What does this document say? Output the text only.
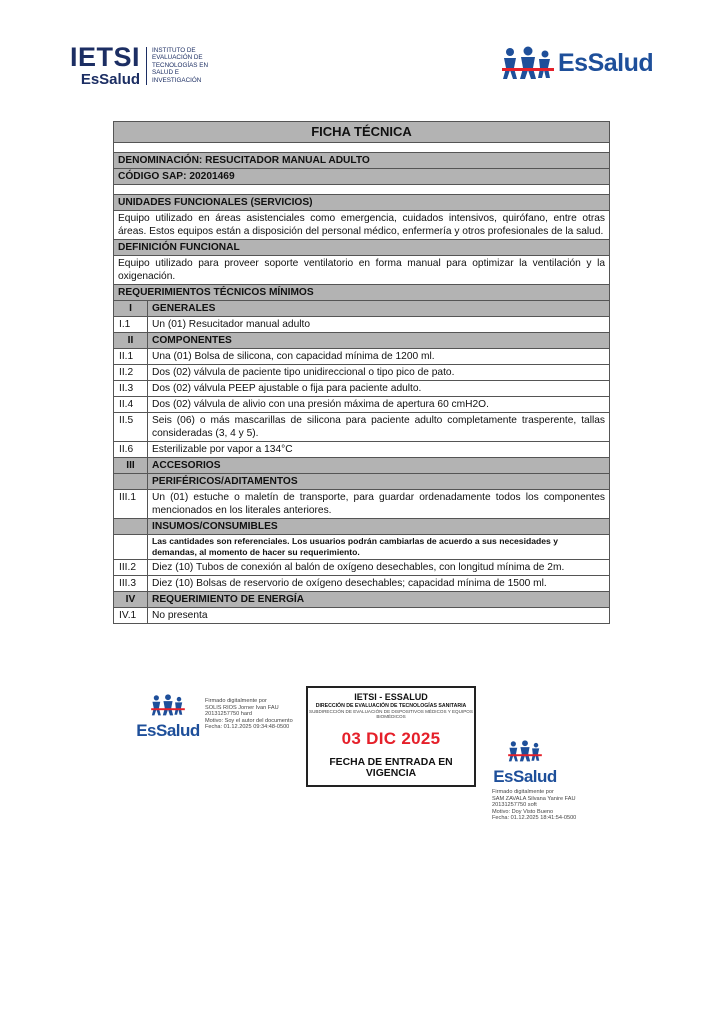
IETSI
EsSalud
INSTITUTO DE
EVALUACIÓN DE
TECNOLOGÍAS EN
SALUD E
INVESTIGACIÓN
EsSalud
FICHA TÉCNICA	

DENOMINACIÓN: RESUCITADOR MANUAL ADULTO	
CÓDIGO SAP: 20201469	

UNIDADES FUNCIONALES (SERVICIOS)	
Equipo utilizado en áreas asistenciales como emergencia, cuidados intensivos, quirófano, entre otras áreas. Estos equipos están a disposición del personal médico, enfermería y otros profesionales de la salud.	
DEFINICIÓN FUNCIONAL	
Equipo utilizado para proveer soporte ventilatorio en forma manual para optimizar la ventilación y la oxigenación.	
REQUERIMIENTOS TÉCNICOS MÍNIMOS	
I	GENERALES
I.1	Un (01) Resucitador manual adulto
II	COMPONENTES
II.1	Una (01) Bolsa de silicona, con capacidad mínima de 1200 ml.
II.2	Dos (02) válvula de paciente tipo unidireccional o tipo pico de pato.
II.3	Dos (02) válvula PEEP ajustable o fija para paciente adulto.
II.4	Dos (02) válvula de alivio con una presión máxima de apertura 60 cmH2O.
II.5	Seis (06) o más mascarillas de silicona para paciente adulto completamente trasperente, tallas consideradas (3, 4 y 5).
II.6	Esterilizable por vapor a 134°C
III	ACCESORIOS
	PERIFÉRICOS/ADITAMENTOS
III.1	Un (01) estuche o maletín de transporte, para guardar ordenadamente todos los componentes mencionados en los literales anteriores.
	INSUMOS/CONSUMIBLES
	Las cantidades son referenciales. Los usuarios podrán cambiarlas de acuerdo a sus necesidades y demandas, al momento de hacer su requerimiento.
III.2	Diez (10) Tubos de conexión al balón de oxígeno desechables, con longitud mínima de 2m.
III.3	Diez (10) Bolsas de reservorio de oxígeno desechables; capacidad mínima de 1500 ml.
IV	REQUERIMIENTO DE ENERGÍA
IV.1	No presenta
EsSalud
Firmado digitalmente por
SOLIS RIOS Jorner Ivan FAU
20131257750 hard
Motivo: Soy el autor del documento
Fecha: 01.12.2025 09:34:48-0500
IETSI - ESSALUD
DIRECCIÓN DE EVALUACIÓN DE TECNOLOGÍAS SANITARIA
SUBDIRECCIÓN DE EVALUACIÓN DE DISPOSITIVOS MÉDICOS Y EQUIPOS BIOMÉDICOS
03 DIC 2025
FECHA DE ENTRADA EN VIGENCIA	EsSalud
Firmado digitalmente por
SAM ZAVALA Silvana Yanire FAU
20131257750 soft
Motivo: Doy Visto Bueno
Fecha: 01.12.2025 18:41:54-0500
